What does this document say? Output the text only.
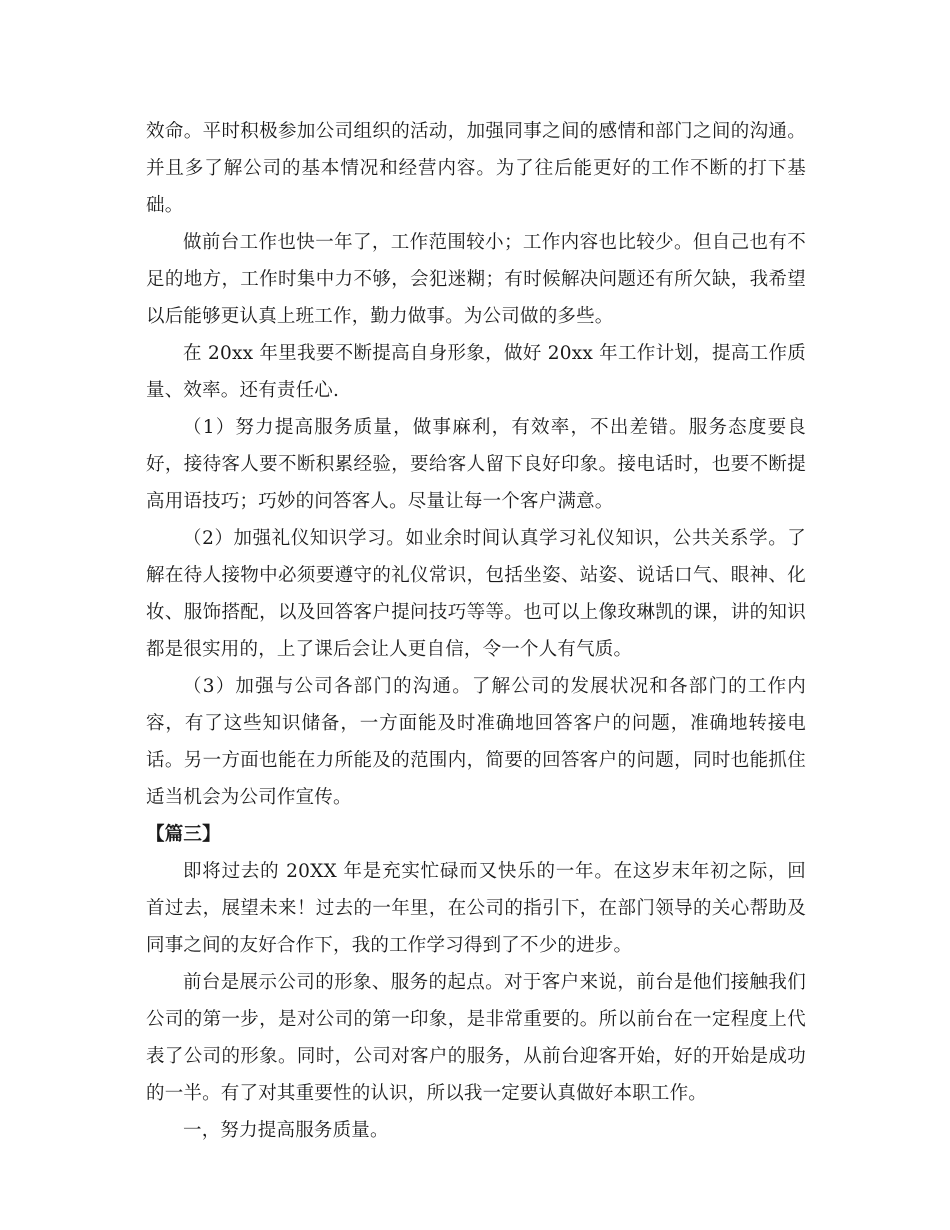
效命。平时积极参加公司组织的活动，加强同事之间的感情和部门之间的沟通。并且多了解公司的基本情况和经营内容。为了往后能更好的工作不断的打下基础。

做前台工作也快一年了，工作范围较小；工作内容也比较少。但自己也有不足的地方，工作时集中力不够，会犯迷糊；有时候解决问题还有所欠缺，我希望以后能够更认真上班工作，勤力做事。为公司做的多些。

在 20xx 年里我要不断提高自身形象，做好 20xx 年工作计划，提高工作质量、效率。还有责任心.

（1）努力提高服务质量，做事麻利，有效率，不出差错。服务态度要良好，接待客人要不断积累经验，要给客人留下良好印象。接电话时，也要不断提高用语技巧；巧妙的问答客人。尽量让每一个客户满意。

（2）加强礼仪知识学习。如业余时间认真学习礼仪知识，公共关系学。了解在待人接物中必须要遵守的礼仪常识，包括坐姿、站姿、说话口气、眼神、化妆、服饰搭配，以及回答客户提问技巧等等。也可以上像玫琳凯的课，讲的知识都是很实用的，上了课后会让人更自信，令一个人有气质。

（3）加强与公司各部门的沟通。了解公司的发展状况和各部门的工作内容，有了这些知识储备，一方面能及时准确地回答客户的问题，准确地转接电话。另一方面也能在力所能及的范围内，简要的回答客户的问题，同时也能抓住适当机会为公司作宣传。

【篇三】

即将过去的 20XX 年是充实忙碌而又快乐的一年。在这岁末年初之际，回首过去，展望未来！过去的一年里，在公司的指引下，在部门领导的关心帮助及同事之间的友好合作下，我的工作学习得到了不少的进步。

前台是展示公司的形象、服务的起点。对于客户来说，前台是他们接触我们公司的第一步，是对公司的第一印象，是非常重要的。所以前台在一定程度上代表了公司的形象。同时，公司对客户的服务，从前台迎客开始，好的开始是成功的一半。有了对其重要性的认识，所以我一定要认真做好本职工作。

一，努力提高服务质量。
